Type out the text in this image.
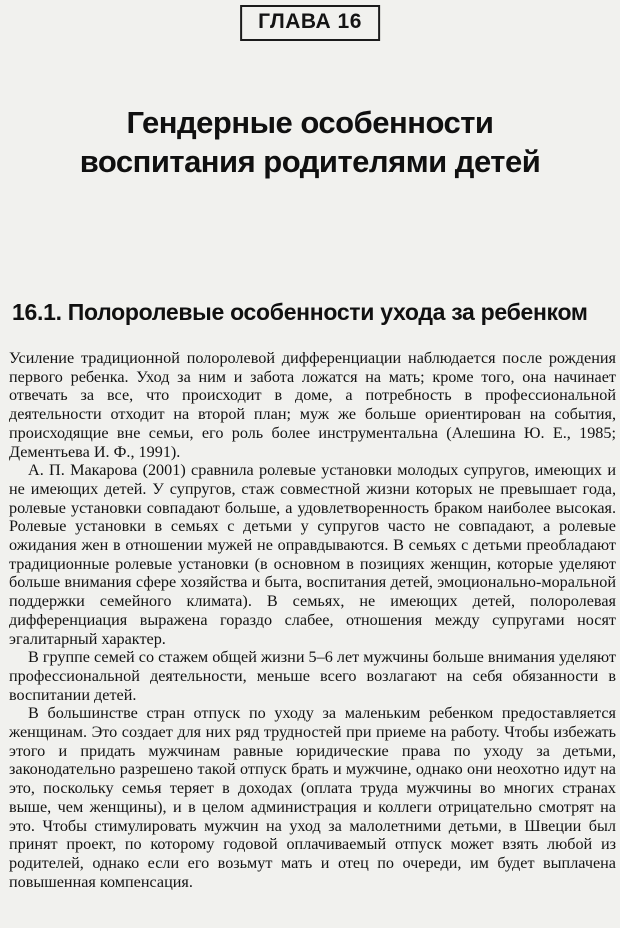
ГЛАВА 16
Гендерные особенности
воспитания родителями детей
16.1. Полоролевые особенности ухода за ребенком

Усиление традиционной полоролевой дифференциации наблюдается после рождения первого ребенка. Уход за ним и забота ложатся на мать; кроме того, она начинает отвечать за все, что происходит в доме, а потребность в профессиональной деятельности отходит на второй план; муж же больше ориентирован на события, происходящие вне семьи, его роль более инструментальна (Алешина Ю. Е., 1985; Дементьева И. Ф., 1991).

А. П. Макарова (2001) сравнила ролевые установки молодых супругов, имеющих и не имеющих детей. У супругов, стаж совместной жизни которых не превышает года, ролевые установки совпадают больше, а удовлетворенность браком наиболее высокая. Ролевые установки в семьях с детьми у супругов часто не совпадают, а ролевые ожидания жен в отношении мужей не оправдываются. В семьях с детьми преобладают традиционные ролевые установки (в основном в позициях женщин, которые уделяют больше внимания сфере хозяйства и быта, воспитания детей, эмоционально-моральной поддержки семейного климата). В семьях, не имеющих детей, полоролевая дифференциация выражена гораздо слабее, отношения между супругами носят эгалитарный характер.

В группе семей со стажем общей жизни 5–6 лет мужчины больше внимания уделяют профессиональной деятельности, меньше всего возлагают на себя обязанности в воспитании детей.

В большинстве стран отпуск по уходу за маленьким ребенком предоставляется женщинам. Это создает для них ряд трудностей при приеме на работу. Чтобы избежать этого и придать мужчинам равные юридические права по уходу за детьми, законодательно разрешено такой отпуск брать и мужчине, однако они неохотно идут на это, поскольку семья теряет в доходах (оплата труда мужчины во многих странах выше, чем женщины), и в целом администрация и коллеги отрицательно смотрят на это. Чтобы стимулировать мужчин на уход за малолетними детьми, в Швеции был принят проект, по которому годовой оплачиваемый отпуск может взять любой из родителей, однако если его возьмут мать и отец по очереди, им будет выплачена повышенная компенсация.
